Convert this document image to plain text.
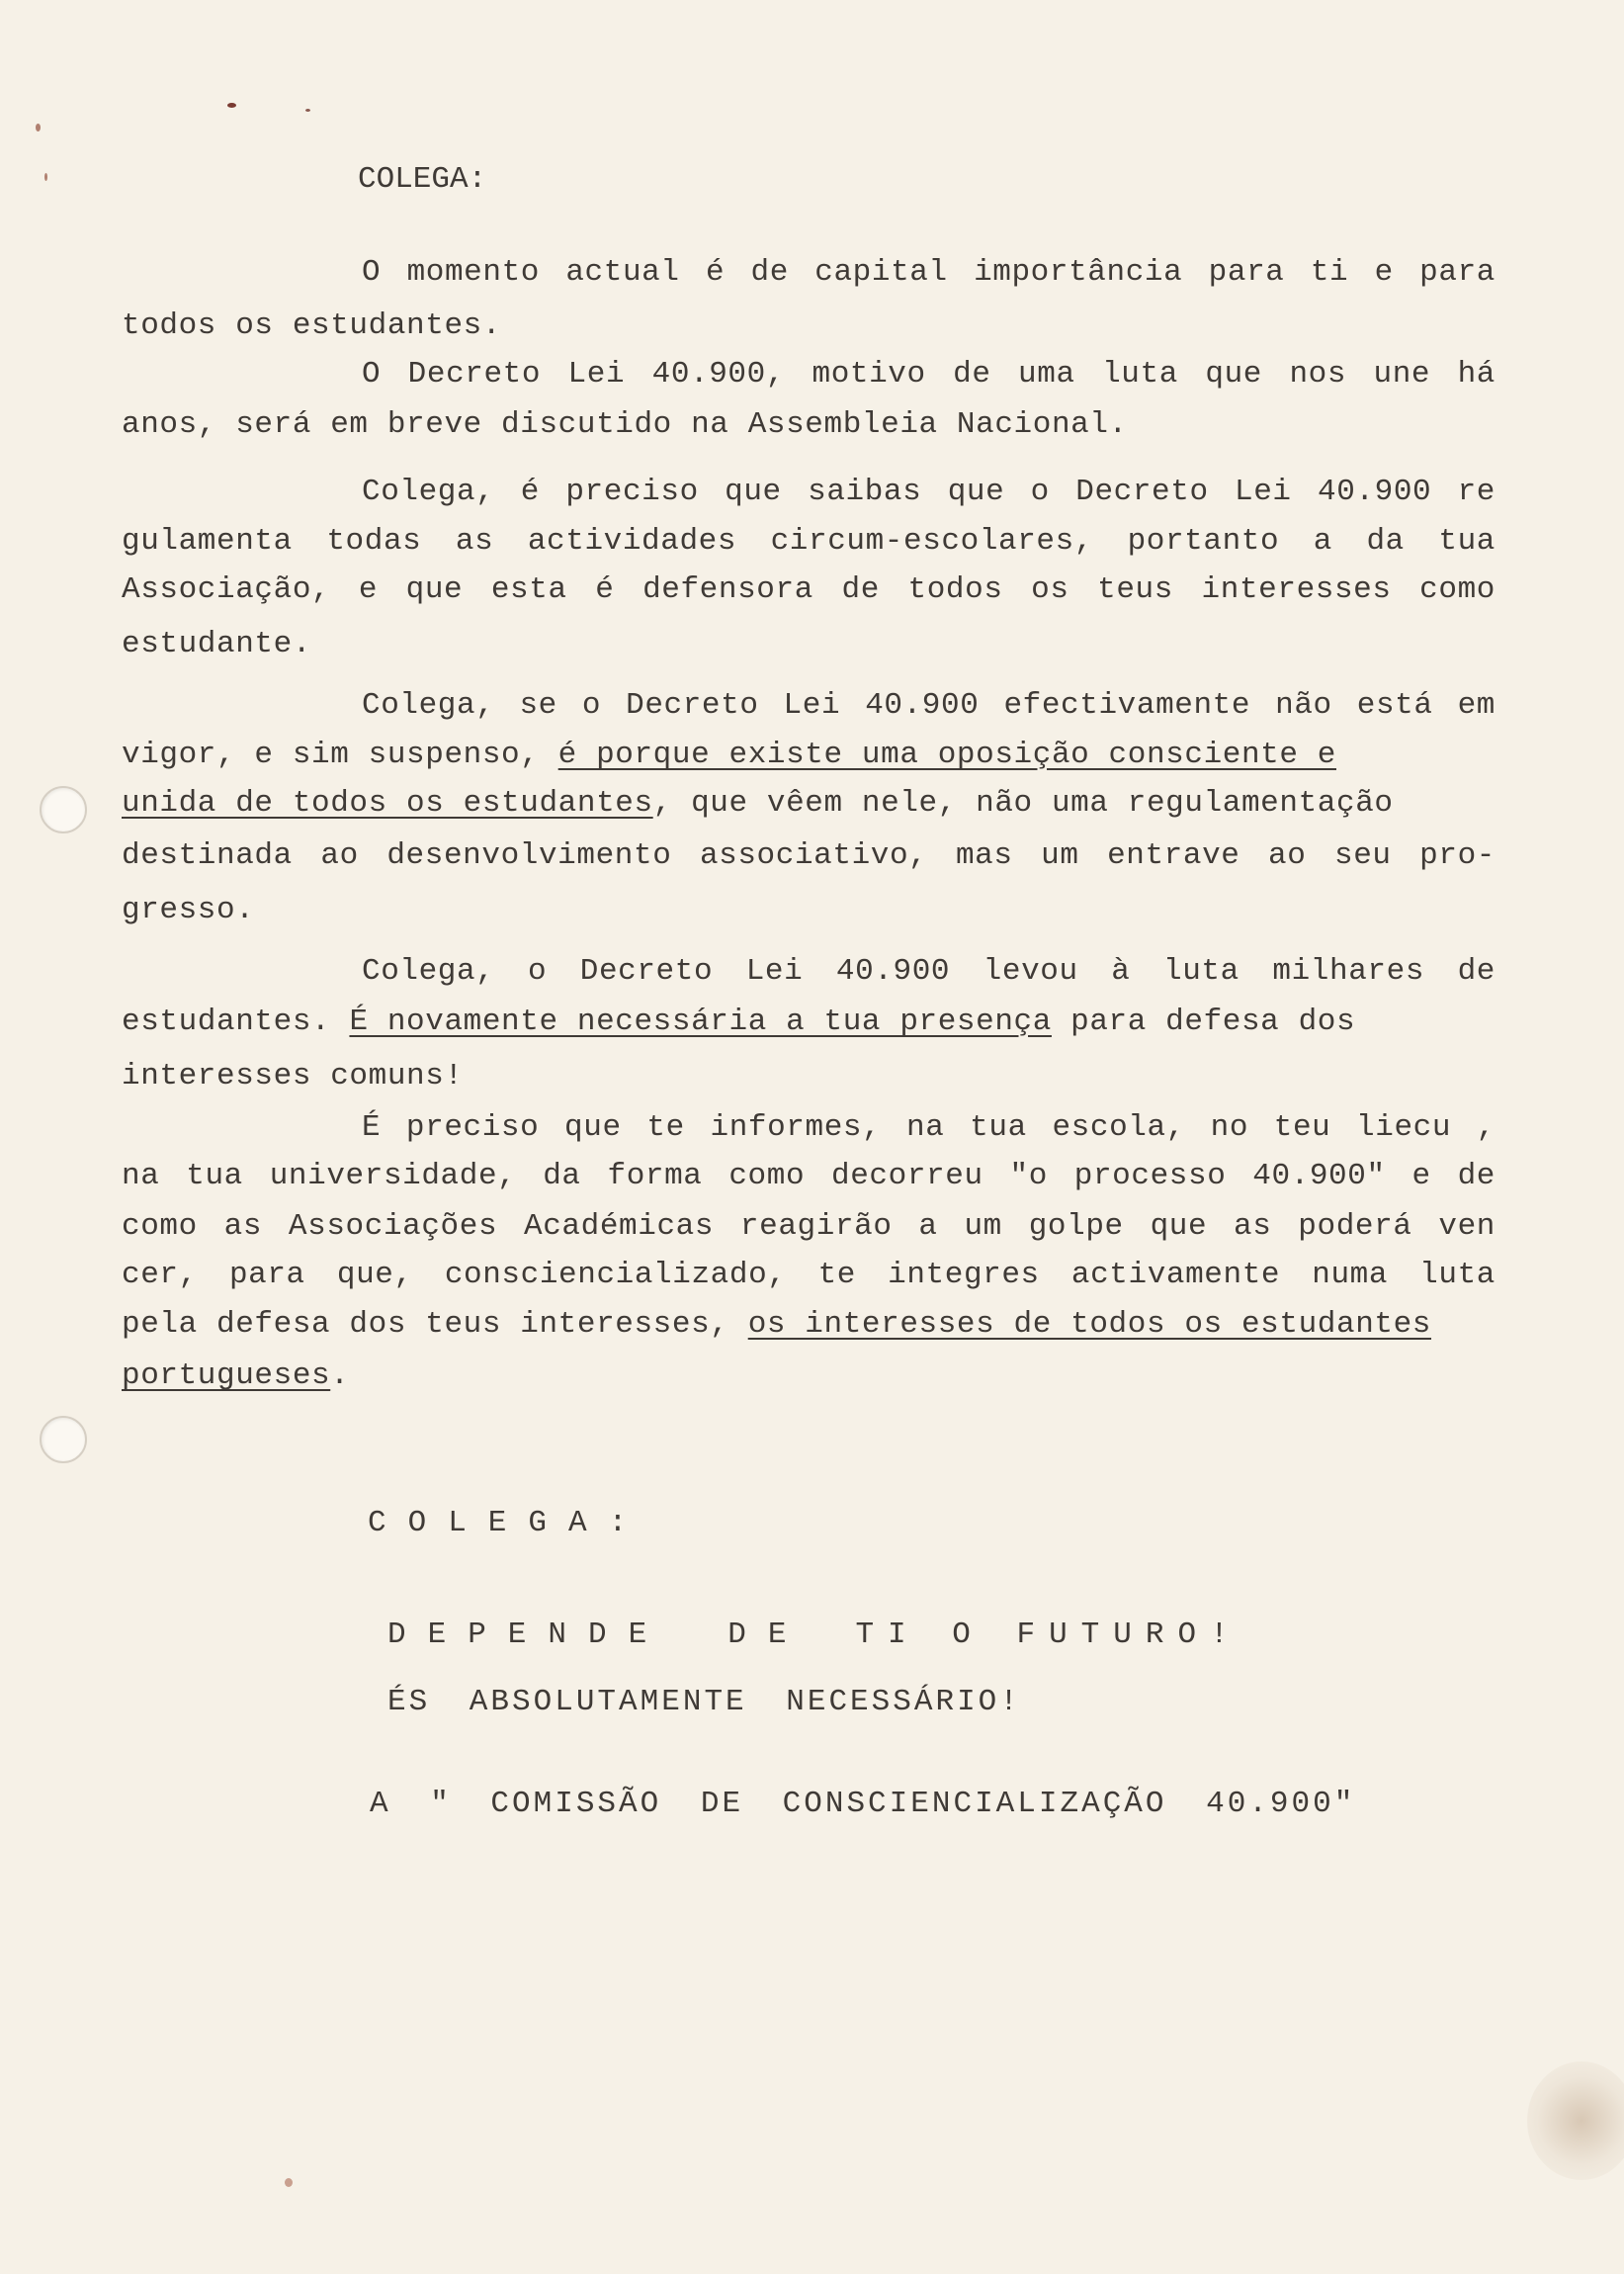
COLEGA:
O momento actual é de capital importância para ti e para
todos os estudantes.
O Decreto Lei 40.900, motivo de uma luta que nos une há
anos, será em breve discutido na Assembleia Nacional.
Colega, é preciso que saibas que o Decreto Lei 40.900 re
gulamenta todas as actividades circum-escolares, portanto a da tua
Associação, e que esta é defensora de todos os teus interesses como
estudante.
Colega, se o Decreto Lei 40.900 efectivamente não está em
vigor, e sim suspenso, é porque existe uma oposição consciente e
unida de todos os estudantes, que vêem nele, não uma regulamentação
destinada ao desenvolvimento associativo, mas um entrave ao seu pro-
gresso.
Colega, o Decreto Lei 40.900 levou à luta milhares de
estudantes. É novamente necessária a tua presença para defesa dos
interesses comuns!
É preciso que te informes, na tua escola, no teu liecu ,
na tua universidade, da forma como decorreu "o processo 40.900" e de
como as Associações Académicas reagirão a um golpe que as poderá ven
cer, para que, consciencializado, te integres activamente numa luta
pela defesa dos teus interesses, os interesses de todos os estudantes
portugueses.
COLEGA:
DEPENDE DE TI O FUTURO!
ÉS ABSOLUTAMENTE NECESSÁRIO!
A " COMISSÃO DE CONSCIENCIALIZAÇÃO 40.900"
